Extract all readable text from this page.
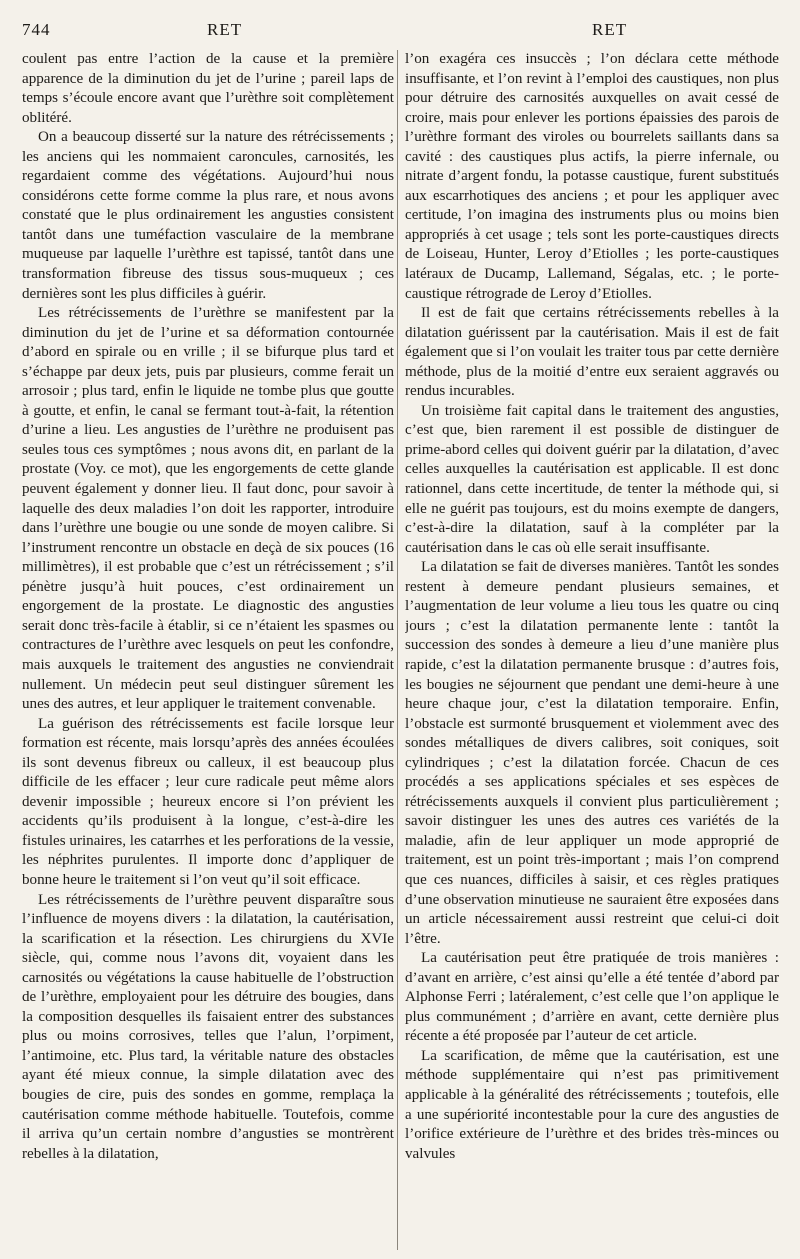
744	RET	RET

coulent pas entre l’action de la cause et la première apparence de la diminution du jet de l’urine ; pareil laps de temps s’écoule encore avant que l’urèthre soit complètement oblitéré.

On a beaucoup disserté sur la nature des rétrécissements ; les anciens qui les nommaient caroncules, carnosités, les regardaient comme des végétations. Aujourd’hui nous considérons cette forme comme la plus rare, et nous avons constaté que le plus ordinairement les angusties consistent tantôt dans une tuméfaction vasculaire de la membrane muqueuse par laquelle l’urèthre est tapissé, tantôt dans une transformation fibreuse des tissus sous-muqueux ; ces dernières sont les plus difficiles à guérir.

Les rétrécissements de l’urèthre se manifestent par la diminution du jet de l’urine et sa déformation contournée d’abord en spirale ou en vrille ; il se bifurque plus tard et s’échappe par deux jets, puis par plusieurs, comme ferait un arrosoir ; plus tard, enfin le liquide ne tombe plus que goutte à goutte, et enfin, le canal se fermant tout-à-fait, la rétention d’urine a lieu. Les angusties de l’urèthre ne produisent pas seules tous ces symptômes ; nous avons dit, en parlant de la prostate (Voy. ce mot), que les engorgements de cette glande peuvent également y donner lieu. Il faut donc, pour savoir à laquelle des deux maladies l’on doit les rapporter, introduire dans l’urèthre une bougie ou une sonde de moyen calibre. Si l’instrument rencontre un obstacle en deçà de six pouces (16 millimètres), il est probable que c’est un rétrécissement ; s’il pénètre jusqu’à huit pouces, c’est ordinairement un engorgement de la prostate. Le diagnostic des angusties serait donc très-facile à établir, si ce n’étaient les spasmes ou contractures de l’urèthre avec lesquels on peut les confondre, mais auxquels le traitement des angusties ne conviendrait nullement. Un médecin peut seul distinguer sûrement les unes des autres, et leur appliquer le traitement convenable.

La guérison des rétrécissements est facile lorsque leur formation est récente, mais lorsqu’après des années écoulées ils sont devenus fibreux ou calleux, il est beaucoup plus difficile de les effacer ; leur cure radicale peut même alors devenir impossible ; heureux encore si l’on prévient les accidents qu’ils produisent à la longue, c’est-à-dire les fistules urinaires, les catarrhes et les perforations de la vessie, les néphrites purulentes. Il importe donc d’appliquer de bonne heure le traitement si l’on veut qu’il soit efficace.

Les rétrécissements de l’urèthre peuvent disparaître sous l’influence de moyens divers : la dilatation, la cautérisation, la scarification et la résection. Les chirurgiens du XVIe siècle, qui, comme nous l’avons dit, voyaient dans les carnosités ou végétations la cause habituelle de l’obstruction de l’urèthre, employaient pour les détruire des bougies, dans la composition desquelles ils faisaient entrer des substances plus ou moins corrosives, telles que l’alun, l’orpiment, l’antimoine, etc. Plus tard, la véritable nature des obstacles ayant été mieux connue, la simple dilatation avec des bougies de cire, puis des sondes en gomme, remplaça la cautérisation comme méthode habituelle. Toutefois, comme il arriva qu’un certain nombre d’angusties se montrèrent rebelles à la dilatation,

l’on exagéra ces insuccès ; l’on déclara cette méthode insuffisante, et l’on revint à l’emploi des caustiques, non plus pour détruire des carnosités auxquelles on avait cessé de croire, mais pour enlever les portions épaissies des parois de l’urèthre formant des viroles ou bourrelets saillants dans sa cavité : des caustiques plus actifs, la pierre infernale, ou nitrate d’argent fondu, la potasse caustique, furent substitués aux escarrhotiques des anciens ; et pour les appliquer avec certitude, l’on imagina des instruments plus ou moins bien appropriés à cet usage ; tels sont les porte-caustiques directs de Loiseau, Hunter, Leroy d’Etiolles ; les porte-caustiques latéraux de Ducamp, Lallemand, Ségalas, etc. ; le porte-caustique rétrograde de Leroy d’Etiolles.

Il est de fait que certains rétrécissements rebelles à la dilatation guérissent par la cautérisation. Mais il est de fait également que si l’on voulait les traiter tous par cette dernière méthode, plus de la moitié d’entre eux seraient aggravés ou rendus incurables.

Un troisième fait capital dans le traitement des angusties, c’est que, bien rarement il est possible de distinguer de prime-abord celles qui doivent guérir par la dilatation, d’avec celles auxquelles la cautérisation est applicable. Il est donc rationnel, dans cette incertitude, de tenter la méthode qui, si elle ne guérit pas toujours, est du moins exempte de dangers, c’est-à-dire la dilatation, sauf à la compléter par la cautérisation dans le cas où elle serait insuffisante.

La dilatation se fait de diverses manières. Tantôt les sondes restent à demeure pendant plusieurs semaines, et l’augmentation de leur volume a lieu tous les quatre ou cinq jours ; c’est la dilatation permanente lente : tantôt la succession des sondes à demeure a lieu d’une manière plus rapide, c’est la dilatation permanente brusque : d’autres fois, les bougies ne séjournent que pendant une demi-heure à une heure chaque jour, c’est la dilatation temporaire. Enfin, l’obstacle est surmonté brusquement et violemment avec des sondes métalliques de divers calibres, soit coniques, soit cylindriques ; c’est la dilatation forcée. Chacun de ces procédés a ses applications spéciales et ses espèces de rétrécissements auxquels il convient plus particulièrement ; savoir distinguer les unes des autres ces variétés de la maladie, afin de leur appliquer un mode approprié de traitement, est un point très-important ; mais l’on comprend que ces nuances, difficiles à saisir, et ces règles pratiques d’une observation minutieuse ne sauraient être exposées dans un article nécessairement aussi restreint que celui-ci doit l’être.

La cautérisation peut être pratiquée de trois manières : d’avant en arrière, c’est ainsi qu’elle a été tentée d’abord par Alphonse Ferri ; latéralement, c’est celle que l’on applique le plus communément ; d’arrière en avant, cette dernière plus récente a été proposée par l’auteur de cet article.

La scarification, de même que la cautérisation, est une méthode supplémentaire qui n’est pas primitivement applicable à la généralité des rétrécissements ; toutefois, elle a une supériorité incontestable pour la cure des angusties de l’orifice extérieure de l’urèthre et des brides très-minces ou valvules
